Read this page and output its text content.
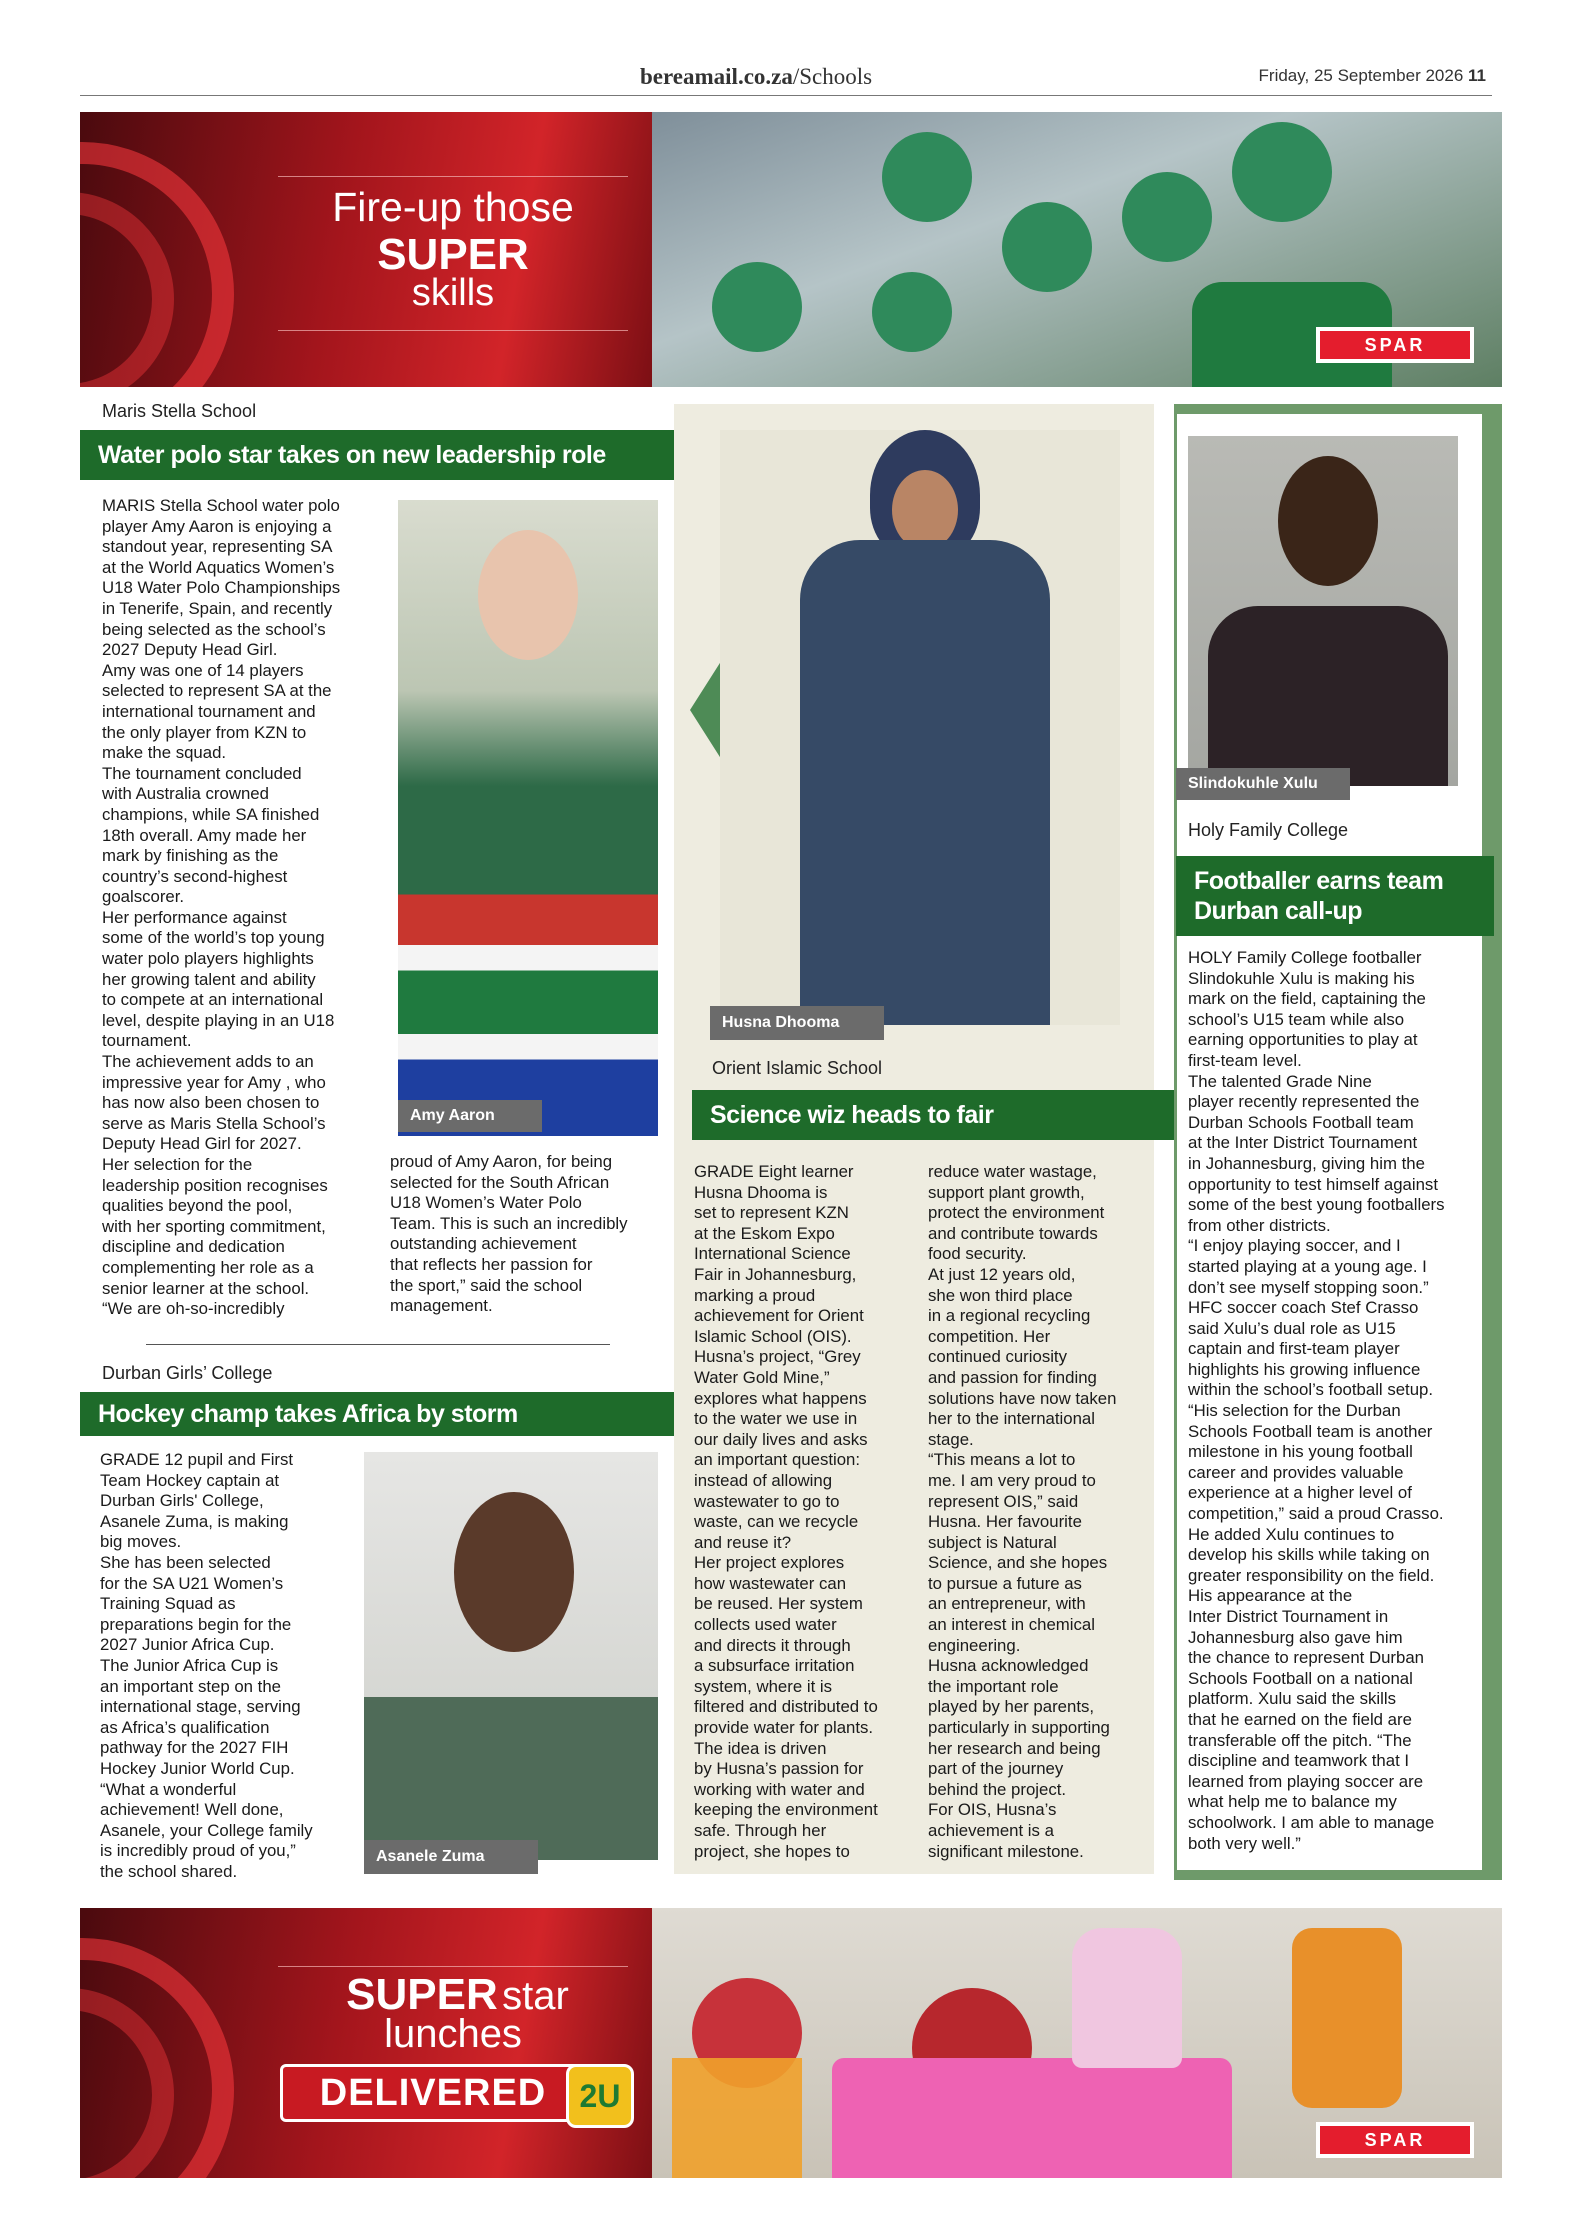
bereamail.co.za/Schools	Friday, 25 September 2026 11
Fire-up those
SUPER
skills
SPAR
Maris Stella School
Water polo star takes on new leadership role
MARIS Stella School water polo
player Amy Aaron is enjoying a
standout year, representing SA
at the World Aquatics Women’s
U18 Water Polo Championships
in Tenerife, Spain, and recently
being selected as the school’s
2027 Deputy Head Girl.
Amy was one of 14 players
selected to represent SA at the
international tournament and
the only player from KZN to
make the squad.
The tournament concluded
with Australia crowned
champions, while SA finished
18th overall. Amy made her
mark by finishing as the
country’s second-highest
goalscorer.
Her performance against
some of the world’s top young
water polo players highlights
her growing talent and ability
to compete at an international
level, despite playing in an U18
tournament.
The achievement adds to an
impressive year for Amy , who
has now also been chosen to
serve as Maris Stella School’s
Deputy Head Girl for 2027.
Her selection for the
leadership position recognises
qualities beyond the pool,
with her sporting commitment,
discipline and dedication
complementing her role as a
senior learner at the school.
“We are oh-so-incredibly
Amy Aaron
proud of Amy Aaron, for being
selected for the South African
U18 Women’s Water Polo
Team. This is such an incredibly
outstanding achievement
that reflects her passion for
the sport,” said the school
management.
Durban Girls’ College
Hockey champ takes Africa by storm
GRADE 12 pupil and First
Team Hockey captain at
Durban Girls' College,
Asanele Zuma, is making
big moves.
She has been selected
for the SA U21 Women’s
Training Squad as
preparations begin for the
2027 Junior Africa Cup.
The Junior Africa Cup is
an important step on the
international stage, serving
as Africa’s qualification
pathway for the 2027 FIH
Hockey Junior World Cup.
“What a wonderful
achievement! Well done,
Asanele, your College family
is incredibly proud of you,”
the school shared.
Asanele Zuma
Husna Dhooma
Orient Islamic School
Science wiz heads to fair
GRADE Eight learner
Husna Dhooma is
set to represent KZN
at the Eskom Expo
International Science
Fair in Johannesburg,
marking a proud
achievement for Orient
Islamic School (OIS).
Husna’s project, “Grey
Water Gold Mine,”
explores what happens
to the water we use in
our daily lives and asks
an important question:
instead of allowing
wastewater to go to
waste, can we recycle
and reuse it?
Her project explores
how wastewater can
be reused. Her system
collects used water
and directs it through
a subsurface irritation
system, where it is
filtered and distributed to
provide water for plants.
The idea is driven
by Husna’s passion for
working with water and
keeping the environment
safe. Through her
project, she hopes to
reduce water wastage,
support plant growth,
protect the environment
and contribute towards
food security.
At just 12 years old,
she won third place
in a regional recycling
competition. Her
continued curiosity
and passion for finding
solutions have now taken
her to the international
stage.
“This means a lot to
me. I am very proud to
represent OIS,” said
Husna. Her favourite
subject is Natural
Science, and she hopes
to pursue a future as
an entrepreneur, with
an interest in chemical
engineering.
Husna acknowledged
the important role
played by her parents,
particularly in supporting
her research and being
part of the journey
behind the project.
For OIS, Husna’s
achievement is a
significant milestone.
Slindokuhle Xulu
Holy Family College
Footballer earns team Durban call-up
HOLY Family College footballer
Slindokuhle Xulu is making his
mark on the field, captaining the
school’s U15 team while also
earning opportunities to play at
first-team level.
The talented Grade Nine
player recently represented the
Durban Schools Football team
at the Inter District Tournament
in Johannesburg, giving him the
opportunity to test himself against
some of the best young footballers
from other districts.
“I enjoy playing soccer, and I
started playing at a young age. I
don’t see myself stopping soon.”
HFC soccer coach Stef Crasso
said Xulu’s dual role as U15
captain and first-team player
highlights his growing influence
within the school’s football setup.
“His selection for the Durban
Schools Football team is another
milestone in his young football
career and provides valuable
experience at a higher level of
competition,” said a proud Crasso.
He added Xulu continues to
develop his skills while taking on
greater responsibility on the field.
His appearance at the
Inter District Tournament in
Johannesburg also gave him
the chance to represent Durban
Schools Football on a national
platform. Xulu said the skills
that he earned on the field are
transferable off the pitch. “The
discipline and teamwork that I
learned from playing soccer are
what help me to balance my
schoolwork. I am able to manage
both very well.”
SUPER star
lunches
DELIVERED	2U
SPAR
